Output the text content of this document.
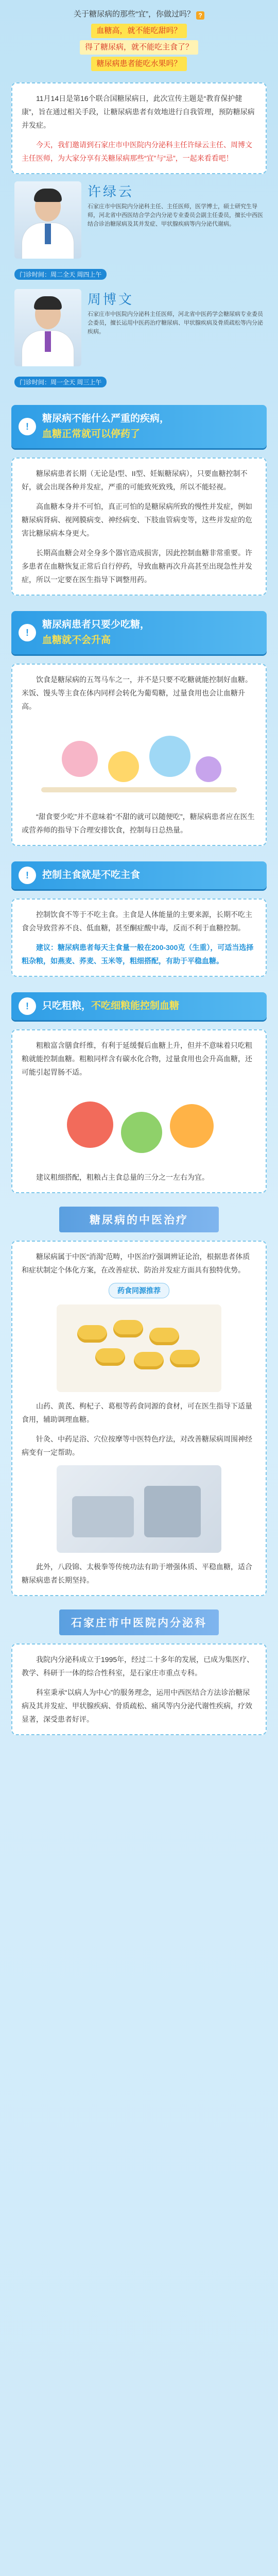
关于糖尿病的那些“宜”，你做过吗？ ?
血糖高，就不能吃甜吗？
得了糖尿病，就不能吃主食了？
糖尿病患者能吃水果吗？

11月14日是第16个联合国糖尿病日，此次宣传主题是“教育保护健康”，旨在通过相关手段，让糖尿病患者有效地进行自我管理，预防糖尿病并发症。

今天，我们邀请到石家庄市中医院内分泌科主任许绿云主任、周博文主任医师，为大家分享有关糖尿病那些“宜”与“忌”，一起来看看吧！

许绿云
石家庄市中医院内分泌科主任、主任医师，医学博士，硕士研究生导师，河北省中西医结合学会内分泌专业委员会副主任委员，擅长中西医结合诊治糖尿病及其并发症、甲状腺疾病等内分泌代谢病。
门诊时间：周二全天 周四上午
周博文
石家庄市中医院内分泌科主任医师，河北省中医药学会糖尿病专业委员会委员，擅长运用中医药治疗糖尿病、甲状腺疾病及骨质疏松等内分泌疾病。
门诊时间：周一全天 周三上午
!
糖尿病不能什么严重的疾病，
血糖正常就可以停药了

糖尿病患者长期（无论是I型、II型、妊娠糖尿病），只要血糖控制不好，就会出现各种并发症，严重的可能致死致残，所以不能轻视。

高血糖本身并不可怕，真正可怕的是糖尿病所致的慢性并发症，例如糖尿病肾病、视网膜病变、神经病变、下肢血管病变等，这些并发症的危害比糖尿病本身更大。

长期高血糖会对全身多个器官造成损害，因此控制血糖非常重要。许多患者在血糖恢复正常后自行停药，导致血糖再次升高甚至出现急性并发症，所以一定要在医生指导下调整用药。

!
糖尿病患者只要少吃糖，
血糖就不会升高

饮食是糖尿病的五驾马车之一，并不是只要不吃糖就能控制好血糖。米饭、馒头等主食在体内同样会转化为葡萄糖，过量食用也会让血糖升高。

“甜食要少吃”并不意味着“不甜的就可以随便吃”，糖尿病患者应在医生或营养师的指导下合理安排饮食，控制每日总热量。

!	控制主食就是不吃主食

控制饮食不等于不吃主食。主食是人体能量的主要来源，长期不吃主食会导致营养不良、低血糖，甚至酮症酸中毒，反而不利于血糖控制。

建议：糖尿病患者每天主食量一般在200-300克（生重），可适当选择粗杂粮，如燕麦、荞麦、玉米等，粗细搭配，有助于平稳血糖。

!	只吃粗粮，不吃细粮能控制血糖

粗粮富含膳食纤维，有利于延缓餐后血糖上升，但并不意味着只吃粗粮就能控制血糖。粗粮同样含有碳水化合物，过量食用也会升高血糖，还可能引起胃肠不适。

建议粗细搭配，粗粮占主食总量的三分之一左右为宜。

糖尿病的中医治疗

糖尿病属于中医“消渴”范畴，中医治疗强调辨证论治，根据患者体质和症状制定个体化方案，在改善症状、防治并发症方面具有独特优势。

药食同源推荐

山药、黄芪、枸杞子、葛根等药食同源的食材，可在医生指导下适量食用，辅助调理血糖。

针灸、中药足浴、穴位按摩等中医特色疗法，对改善糖尿病周围神经病变有一定帮助。

此外，八段锦、太极拳等传统功法有助于增强体质、平稳血糖，适合糖尿病患者长期坚持。

石家庄市中医院内分泌科

我院内分泌科成立于1995年，经过二十多年的发展，已成为集医疗、教学、科研于一体的综合性科室，是石家庄市重点专科。

科室秉承“以病人为中心”的服务理念，运用中西医结合方法诊治糖尿病及其并发症、甲状腺疾病、骨质疏松、痛风等内分泌代谢性疾病，疗效显著，深受患者好评。
